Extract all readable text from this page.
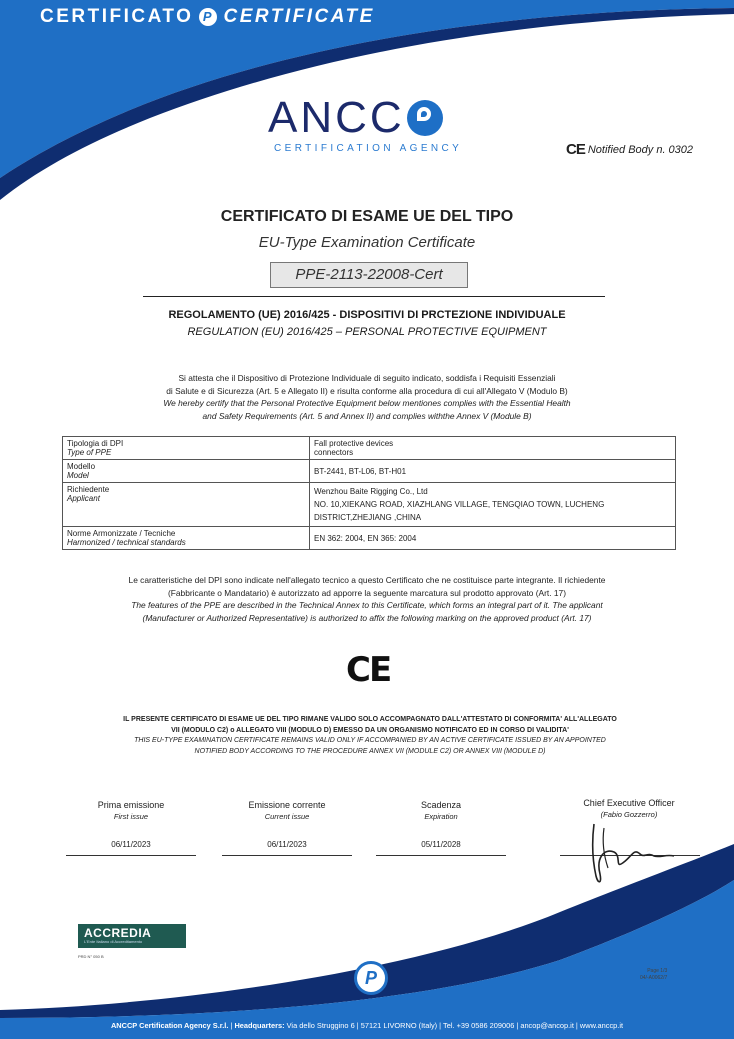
CERTIFICATO P CERTIFICATE
ANCC
CERTIFICATION AGENCY	CE Notified Body n. 0302
CERTIFICATO DI ESAME UE DEL TIPO
EU-Type Examination Certificate
PPE-2113-22008-Cert
REGOLAMENTO (UE) 2016/425 - DISPOSITIVI DI PRCTEZIONE INDIVIDUALE
REGULATION (EU) 2016/425 – PERSONAL PROTECTIVE EQUIPMENT
Si attesta che il Dispositivo di Protezione Individuale di seguito indicato, soddisfa i Requisiti Essenziali
di Salute e di Sicurezza (Art. 5 e Allegato II) e risulta conforme alla procedura di cui all'Allegato V (Modulo B)
We hereby certify that the Personal Protective Equipment below mentiones complies with the Essential Health
and Safety Requirements (Art. 5 and Annex II) and complies withthe Annex V (Module B)
Tipologia di DPI
Type of PPE	Fall protective devices
connectors

Modello
Model	BT-2441, BT-L06, BT-H01
Richiedente
Applicant	Wenzhou Baite Rigging Co., Ltd
NO. 10,XIEKANG ROAD, XIAZHLANG VILLAGE, TENGQIAO TOWN, LUCHENG
DISTRICT,ZHEJIANG ,CHINA

Norme Armonizzate / Tecniche
Harmonized / technical standards	EN 362: 2004, EN 365: 2004
Le caratteristiche del DPI sono indicate nell'allegato tecnico a questo Certificato che ne costituisce parte integrante. Il richiedente
(Fabbricante o Mandatario) è autorizzato ad apporre la seguente marcatura sul prodotto approvato (Art. 17)
The features of the PPE are described in the Technical Annex to this Certificate, which forms an integral part of it. The applicant
(Manufacturer or Authorized Representative) is authorized to affix the following marking on the approved product (Art. 17)
CE
IL PRESENTE CERTIFICATO DI ESAME UE DEL TIPO RIMANE VALIDO SOLO ACCOMPAGNATO DALL'ATTESTATO DI CONFORMITA' ALL'ALLEGATO
VII (MODULO C2) o ALLEGATO VIII (MODULO D) EMESSO DA UN ORGANISMO NOTIFICATO ED IN CORSO DI VALIDITA'
THIS EU-TYPE EXAMINATION CERTIFICATE REMAINS VALID ONLY IF ACCOMPANIED BY AN ACTIVE CERTIFICATE ISSUED BY AN APPOINTED
NOTIFIED BODY ACCORDING TO THE PROCEDURE ANNEX VII (MODULE C2) OR ANNEX VIII (MODULE D)
Prima emissione
First issue
06/11/2023
Emissione corrente
Current issue
06/11/2023
Scadenza
Expiration
05/11/2028
Chief Executive Officer
(Fabio Gozzerro)
ACCREDIA
L'Ente Italiano di Accreditamento
PRD N° 050 B
P	Page 1/3
04/-A0062/7
ANCCP Certification Agency S.r.l. | Headquarters: Via dello Struggino 6 | 57121 LIVORNO (Italy) | Tel. +39 0586 209006 | ancop@ancop.it | www.anccp.it
